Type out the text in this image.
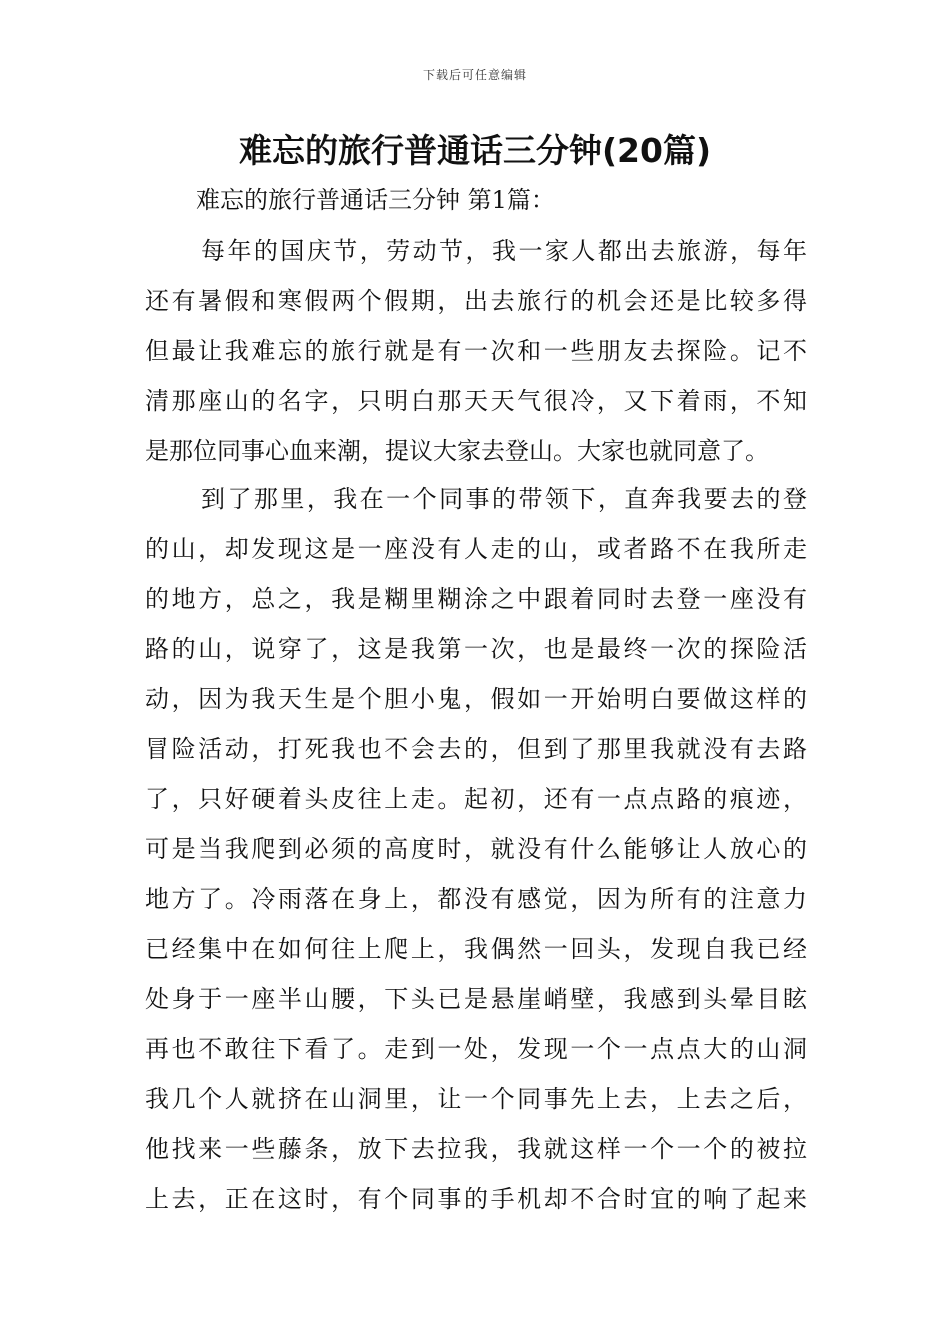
下载后可任意编辑
难忘的旅行普通话三分钟(20篇)
难忘的旅行普通话三分钟 第1篇：
每年的国庆节，劳动节，我一家人都出去旅游，每年
还有暑假和寒假两个假期，出去旅行的机会还是比较多得
但最让我难忘的旅行就是有一次和一些朋友去探险。记不
清那座山的名字，只明白那天天气很冷，又下着雨，不知
是那位同事心血来潮，提议大家去登山。大家也就同意了。
到了那里，我在一个同事的带领下，直奔我要去的登
的山，却发现这是一座没有人走的山，或者路不在我所走
的地方，总之，我是糊里糊涂之中跟着同时去登一座没有
路的山，说穿了，这是我第一次，也是最终一次的探险活
动，因为我天生是个胆小鬼，假如一开始明白要做这样的
冒险活动，打死我也不会去的，但到了那里我就没有去路
了，只好硬着头皮往上走。起初，还有一点点路的痕迹，
可是当我爬到必须的高度时，就没有什么能够让人放心的
地方了。冷雨落在身上，都没有感觉，因为所有的注意力
已经集中在如何往上爬上，我偶然一回头，发现自我已经
处身于一座半山腰，下头已是悬崖峭壁，我感到头晕目眩
再也不敢往下看了。走到一处，发现一个一点点大的山洞
我几个人就挤在山洞里，让一个同事先上去，上去之后，
他找来一些藤条，放下去拉我，我就这样一个一个的被拉
上去，正在这时，有个同事的手机却不合时宜的响了起来
